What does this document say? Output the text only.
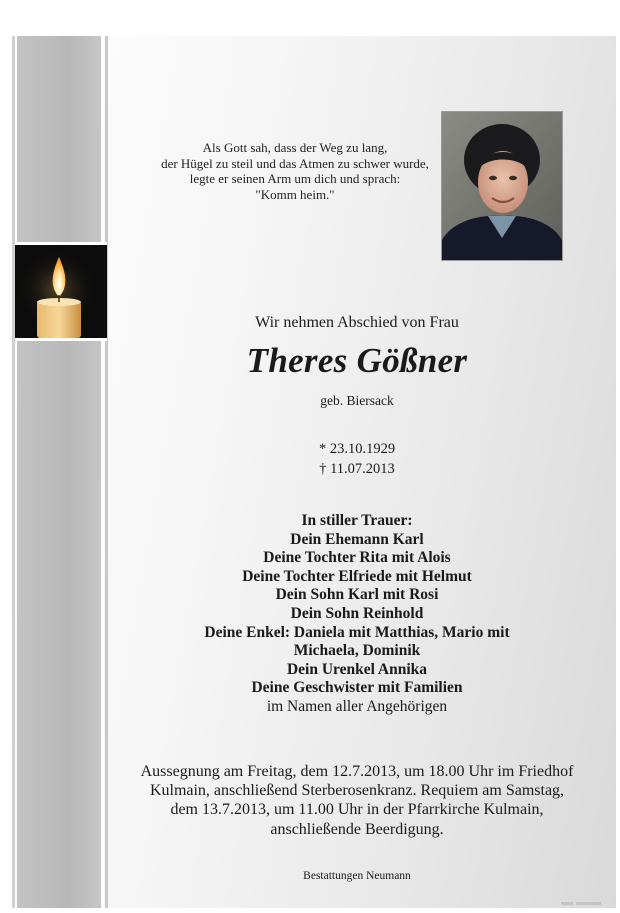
Als Gott sah, dass der Weg zu lang,
der Hügel zu steil und das Atmen zu schwer wurde,
legte er seinen Arm um dich und sprach:
"Komm heim."
Wir nehmen Abschied von Frau
Theres Gößner
geb. Biersack
* 23.10.1929
† 11.07.2013
In stiller Trauer:
Dein Ehemann Karl
Deine Tochter Rita mit Alois
Deine Tochter Elfriede mit Helmut
Dein Sohn Karl mit Rosi
Dein Sohn Reinhold
Deine Enkel: Daniela mit Matthias, Mario mit
Michaela, Dominik
Dein Urenkel Annika
Deine Geschwister mit Familien
im Namen aller Angehörigen
Aussegnung am Freitag, dem 12.7.2013, um 18.00 Uhr im Friedhof
Kulmain, anschließend Sterberosenkranz. Requiem am Samstag,
dem 13.7.2013, um 11.00 Uhr in der Pfarrkirche Kulmain,
anschließende Beerdigung.
Bestattungen Neumann
